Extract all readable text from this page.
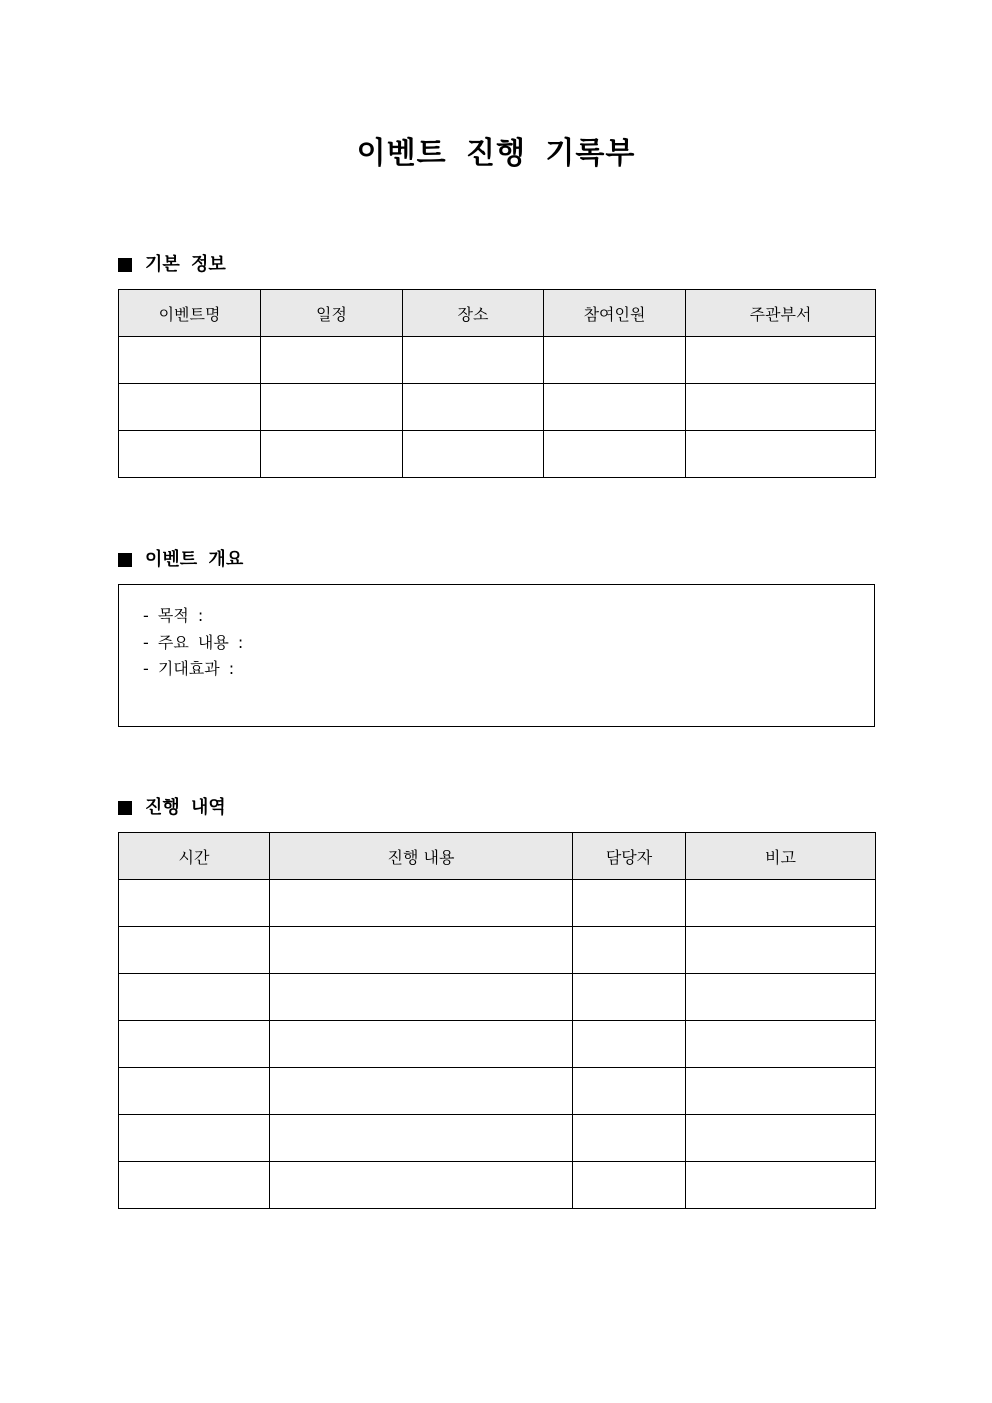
이벤트 진행 기록부
기본 정보
이벤트명	일정	장소	참여인원	주관부서

이벤트 개요
- 목적 :
- 주요 내용 :
- 기대효과 :
진행 내역
시간	진행 내용	담당자	비고
